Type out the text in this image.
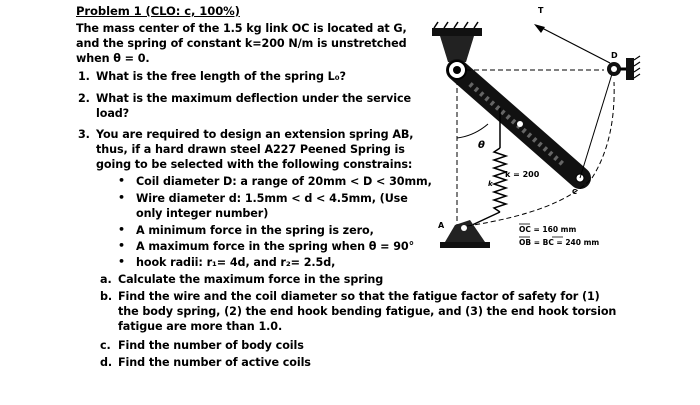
Problem 1 (CLO: c, 100%)
The mass center of the 1.5 kg link OC is located at G,
and the spring of constant k=200 N/m is unstretched
when θ = 0.
1. What is the free length of the spring L₀?
2. What is the maximum deflection under the service
load?
3. You are required to design an extension spring AB,
thus, if a hard drawn steel A227 Peened Spring is
going to be selected with the following constrains:
• Coil diameter D: a range of 20mm < D < 30mm,
• Wire diameter d: 1.5mm < d < 4.5mm, (Use
only integer number)
• A minimum force in the spring is zero,
• A maximum force in the spring when θ = 90°
• hook radii: r₁= 4d, and r₂= 2.5d,
a. Calculate the maximum force in the spring
b. Find the wire and the coil diameter so that the fatigue factor of safety for (1)
the body spring, (2) the end hook bending fatigue, and (3) the end hook torsion
fatigue are more than 1.0.
c. Find the number of body coils
d. Find the number of active coils
θ
k = 200
k
A
C
D
T
OC = 160 mm
OB = BC = 240 mm
